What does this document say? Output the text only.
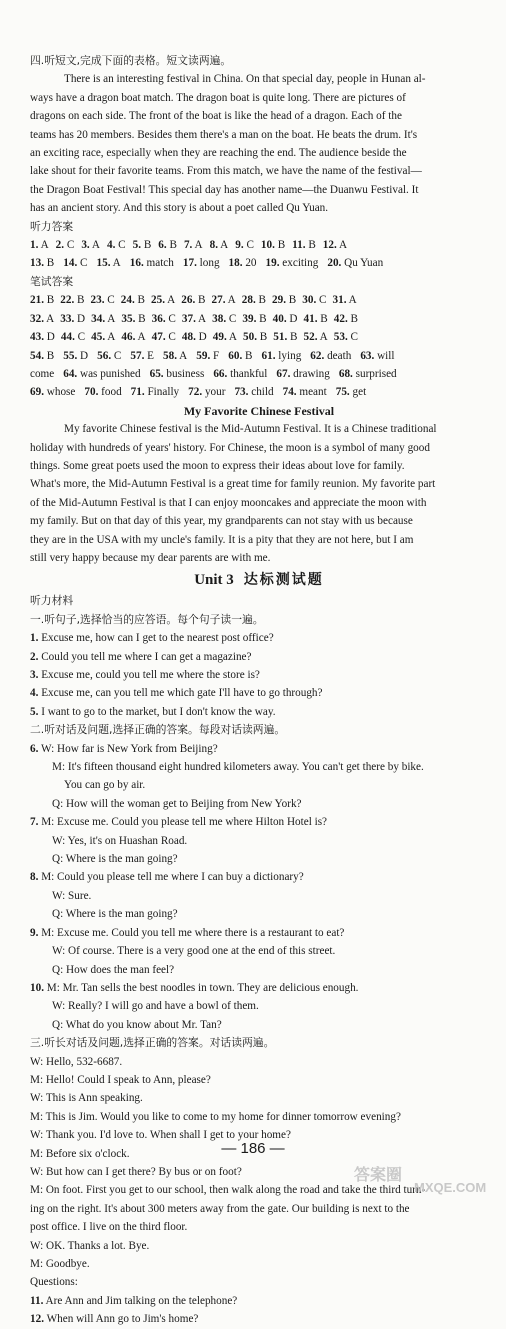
四.听短文,完成下面的表格。短文读两遍。
There is an interesting festival in China. On that special day, people in Hunan al-
ways have a dragon boat match. The dragon boat is quite long. There are pictures of
dragons on each side. The front of the boat is like the head of a dragon. Each of the
teams has 20 members. Besides them there's a man on the boat. He beats the drum. It's
an exciting race, especially when they are reaching the end. The audience beside the
lake shout for their favorite teams. From this match, we have the name of the festival—
the Dragon Boat Festival! This special day has another name—the Duanwu Festival. It
has an ancient story. And this story is about a poet called Qu Yuan.
听力答案
1. A 2. C 3. A 4. C 5. B 6. B 7. A 8. A 9. C 10. B 11. B 12. A
13. B 14. C 15. A 16. match 17. long 18. 20 19. exciting 20. Qu Yuan
笔试答案
21. B 22. B 23. C 24. B 25. A 26. B 27. A 28. B 29. B 30. C 31. A
32. A 33. D 34. A 35. B 36. C 37. A 38. C 39. B 40. D 41. B 42. B
43. D 44. C 45. A 46. A 47. C 48. D 49. A 50. B 51. B 52. A 53. C
54. B 55. D 56. C 57. E 58. A 59. F 60. B 61. lying 62. death 63. will
come 64. was punished 65. business 66. thankful 67. drawing 68. surprised
69. whose 70. food 71. Finally 72. your 73. child 74. meant 75. get
My Favorite Chinese Festival
My favorite Chinese festival is the Mid-Autumn Festival. It is a Chinese traditional
holiday with hundreds of years' history. For Chinese, the moon is a symbol of many good
things. Some great poets used the moon to express their ideas about love for family.
What's more, the Mid-Autumn Festival is a great time for family reunion. My favorite part
of the Mid-Autumn Festival is that I can enjoy mooncakes and appreciate the moon with
my family. But on that day of this year, my grandparents can not stay with us because
they are in the USA with my uncle's family. It is a pity that they are not here, but I am
still very happy because my dear parents are with me.
Unit 3 达标测试题
听力材料
一.听句子,选择恰当的应答语。每个句子读一遍。
1. Excuse me, how can I get to the nearest post office?
2. Could you tell me where I can get a magazine?
3. Excuse me, could you tell me where the store is?
4. Excuse me, can you tell me which gate I'll have to go through?
5. I want to go to the market, but I don't know the way.
二.听对话及问题,选择正确的答案。每段对话读两遍。
6. W: How far is New York from Beijing?
M: It's fifteen thousand eight hundred kilometers away. You can't get there by bike.
You can go by air.
Q: How will the woman get to Beijing from New York?
7. M: Excuse me. Could you please tell me where Hilton Hotel is?
W: Yes, it's on Huashan Road.
Q: Where is the man going?
8. M: Could you please tell me where I can buy a dictionary?
W: Sure.
Q: Where is the man going?
9. M: Excuse me. Could you tell me where there is a restaurant to eat?
W: Of course. There is a very good one at the end of this street.
Q: How does the man feel?
10. M: Mr. Tan sells the best noodles in town. They are delicious enough.
W: Really? I will go and have a bowl of them.
Q: What do you know about Mr. Tan?
三.听长对话及问题,选择正确的答案。对话读两遍。
W: Hello, 532-6687.
M: Hello! Could I speak to Ann, please?
W: This is Ann speaking.
M: This is Jim. Would you like to come to my home for dinner tomorrow evening?
W: Thank you. I'd love to. When shall I get to your home?
M: Before six o'clock.
W: But how can I get there? By bus or on foot?
M: On foot. First you get to our school, then walk along the road and take the third turn-
ing on the right. It's about 300 meters away from the gate. Our building is next to the
post office. I live on the third floor.
W: OK. Thanks a lot. Bye.
M: Goodbye.
Questions:
11. Are Ann and Jim talking on the telephone?
12. When will Ann go to Jim's home?
— 186 —
答案圈
MXQE.COM
